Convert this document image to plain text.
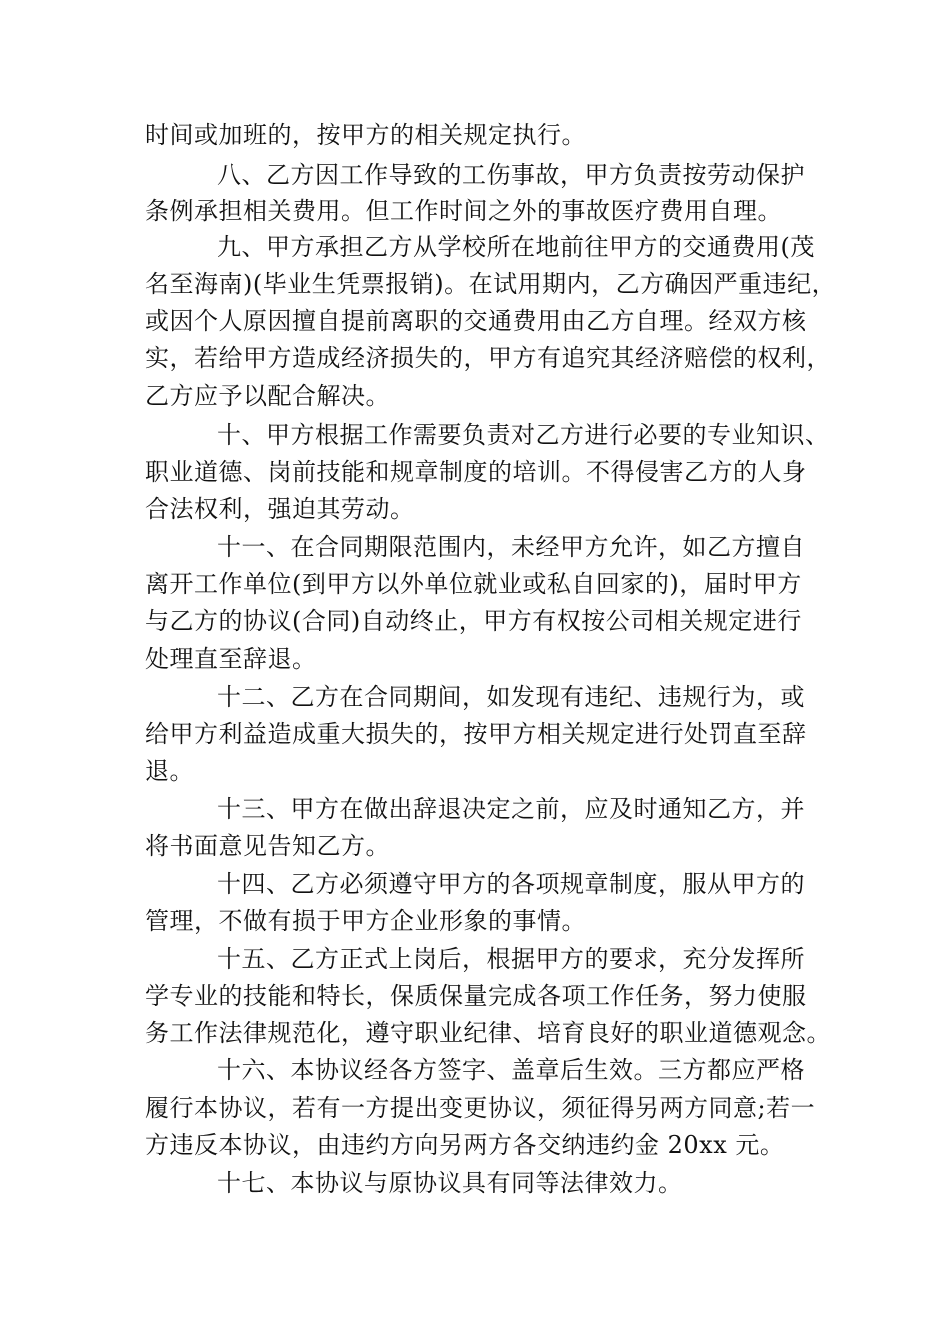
时间或加班的，按甲方的相关规定执行。
八、乙方因工作导致的工伤事故，甲方负责按劳动保护
条例承担相关费用。但工作时间之外的事故医疗费用自理。
九、甲方承担乙方从学校所在地前往甲方的交通费用(茂
名至海南)(毕业生凭票报销)。在试用期内，乙方确因严重违纪，
或因个人原因擅自提前离职的交通费用由乙方自理。经双方核
实，若给甲方造成经济损失的，甲方有追究其经济赔偿的权利，
乙方应予以配合解决。
十、甲方根据工作需要负责对乙方进行必要的专业知识、
职业道德、岗前技能和规章制度的培训。不得侵害乙方的人身
合法权利，强迫其劳动。
十一、在合同期限范围内，未经甲方允许，如乙方擅自
离开工作单位(到甲方以外单位就业或私自回家的)，届时甲方
与乙方的协议(合同)自动终止，甲方有权按公司相关规定进行
处理直至辞退。
十二、乙方在合同期间，如发现有违纪、违规行为，或
给甲方利益造成重大损失的，按甲方相关规定进行处罚直至辞
退。
十三、甲方在做出辞退决定之前，应及时通知乙方，并
将书面意见告知乙方。
十四、乙方必须遵守甲方的各项规章制度，服从甲方的
管理，不做有损于甲方企业形象的事情。
十五、乙方正式上岗后，根据甲方的要求，充分发挥所
学专业的技能和特长，保质保量完成各项工作任务，努力使服
务工作法律规范化，遵守职业纪律、培育良好的职业道德观念。
十六、本协议经各方签字、盖章后生效。三方都应严格
履行本协议，若有一方提出变更协议，须征得另两方同意;若一
方违反本协议，由违约方向另两方各交纳违约金 20xx 元。
十七、本协议与原协议具有同等法律效力。
